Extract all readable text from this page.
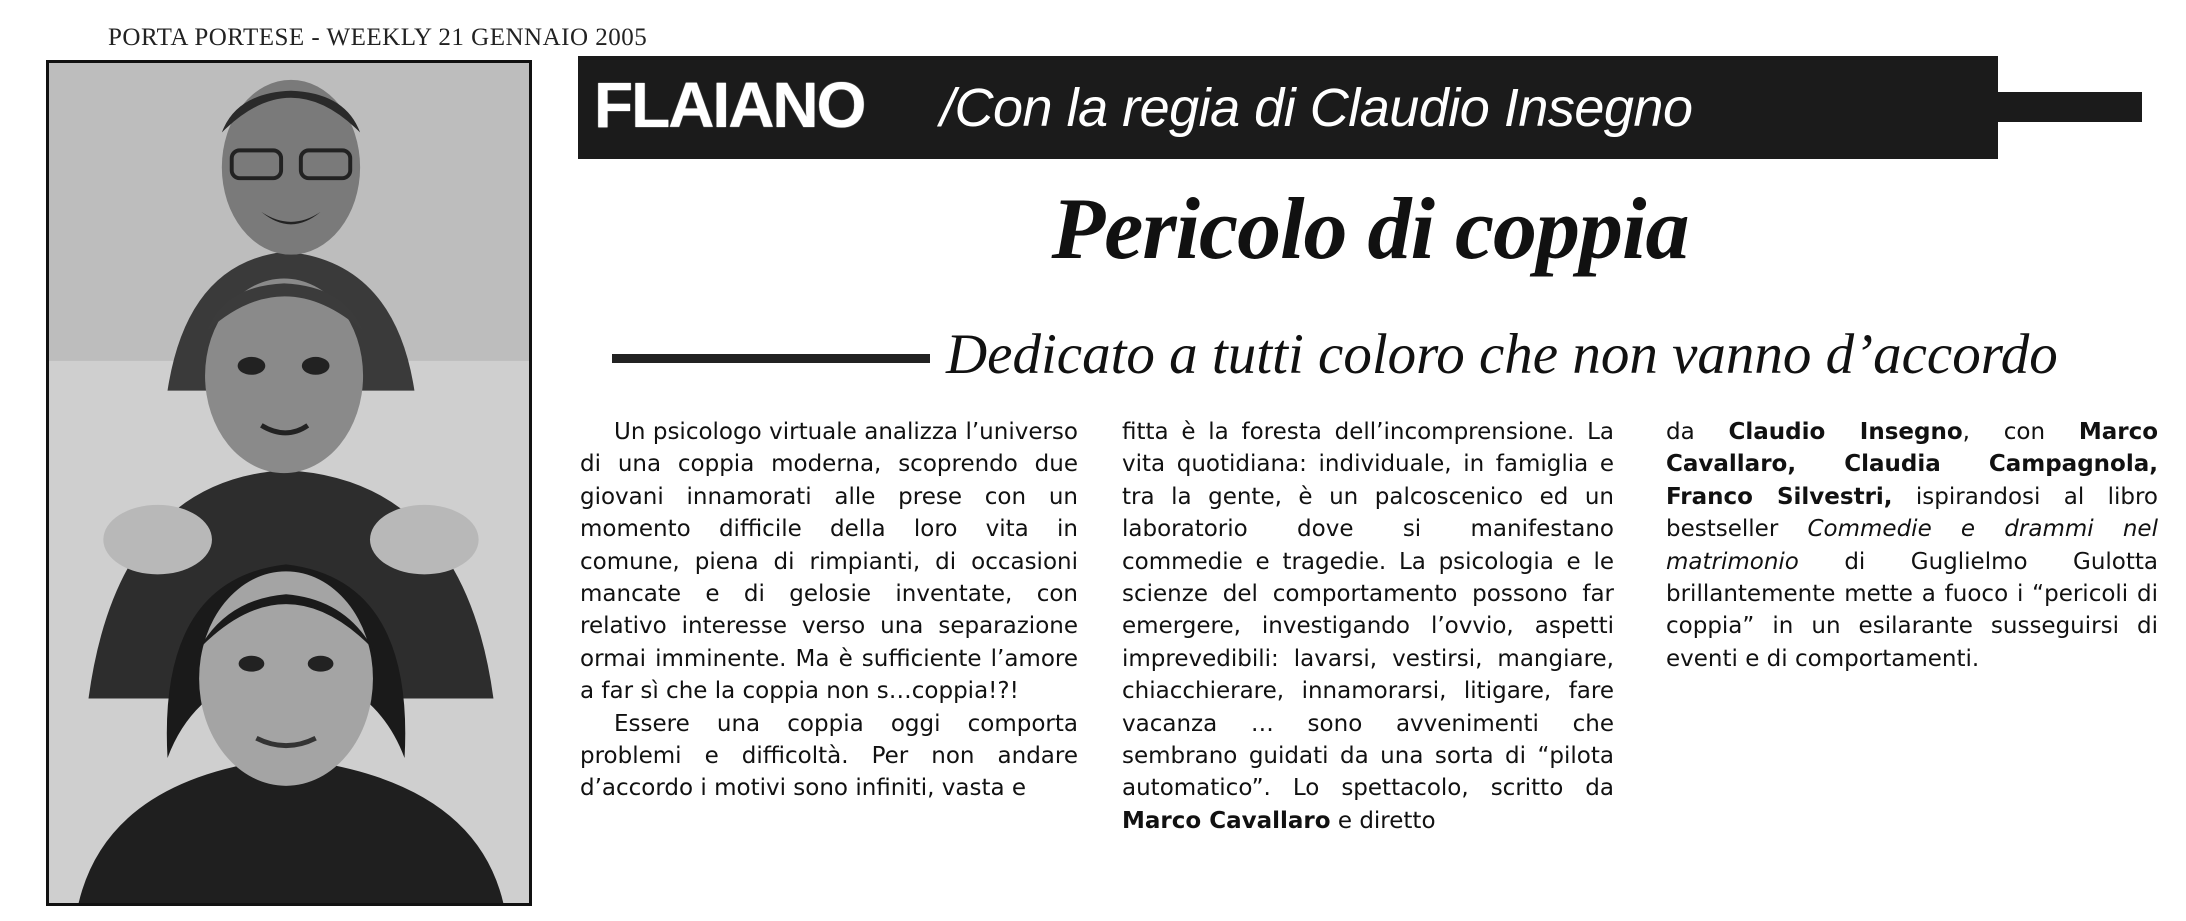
PORTA PORTESE - WEEKLY 21 GENNAIO 2005
FLAIANO /Con la regia di Claudio Insegno
Pericolo di coppia
Dedicato a tutti coloro che non vanno d’accordo

Un psicologo virtuale analizza l’universo di una coppia moderna, scoprendo due giovani innamorati alle prese con un momento difficile della loro vita in comune, piena di rimpianti, di occasioni mancate e di gelosie inventate, con relativo interesse verso una separazione ormai imminente. Ma è sufficiente l’amore a far sì che la coppia non s…coppia!?!

Essere una coppia oggi comporta problemi e difficoltà. Per non andare d’accordo i motivi sono infiniti, vasta e

fitta è la foresta dell’incomprensione. La vita quotidiana: individuale, in famiglia e tra la gente, è un palcoscenico ed un laboratorio dove si manifestano commedie e tragedie. La psicologia e le scienze del comportamento possono far emergere, investigando l’ovvio, aspetti imprevedibili: lavarsi, vestirsi, mangiare, chiacchierare, innamorarsi, litigare, fare vacanza … sono avvenimenti che sembrano guidati da una sorta di “pilota automatico”. Lo spettacolo, scritto da Marco Cavallaro e diretto

da Claudio Insegno, con Marco Cavallaro, Claudia Campagnola, Franco Silvestri, ispirandosi al libro bestseller Commedie e drammi nel matrimonio di Guglielmo Gulotta brillantemente mette a fuoco i “pericoli di coppia” in un esilarante susseguirsi di eventi e di comportamenti.
